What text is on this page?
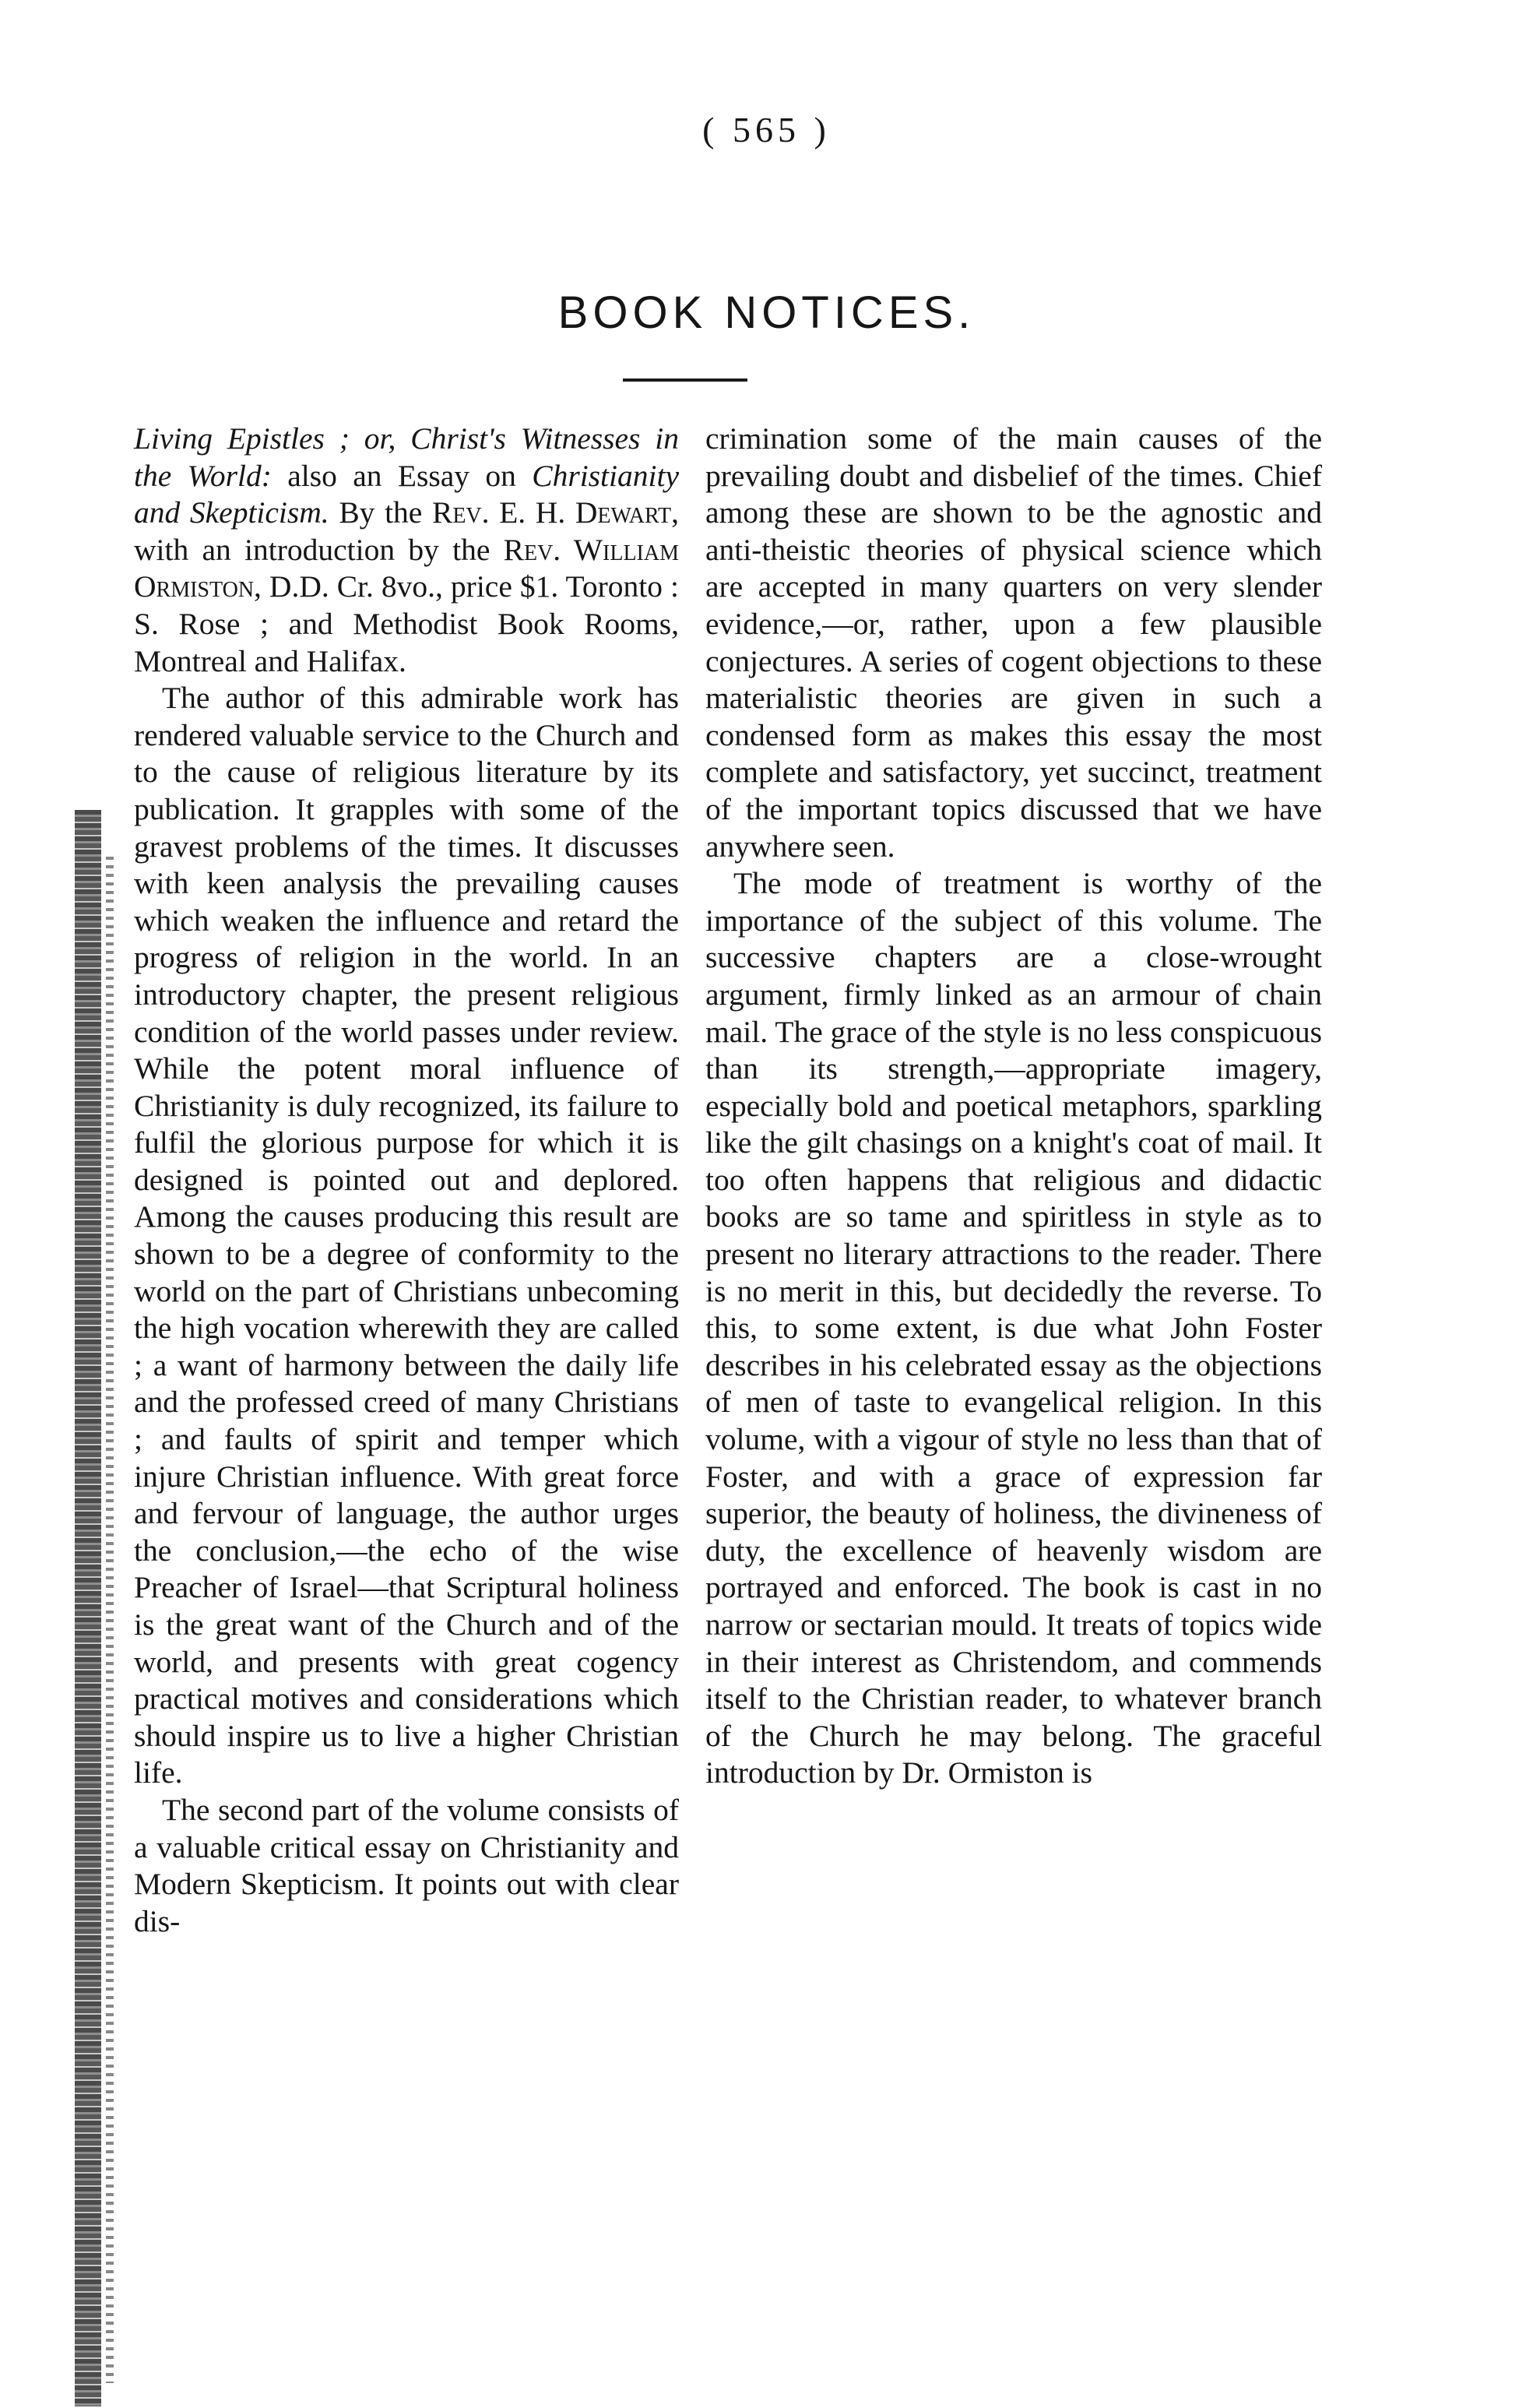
( 565 )
BOOK NOTICES.

Living Epistles ; or, Christ's Witnesses in the World: also an Essay on Christianity and Skepticism. By the Rev. E. H. Dewart, with an introduction by the Rev. William Ormiston, D.D. Cr. 8vo., price $1. Toronto : S. Rose ; and Methodist Book Rooms, Montreal and Halifax.

The author of this admirable work has rendered valuable service to the Church and to the cause of religious literature by its publication. It grapples with some of the gravest problems of the times. It discusses with keen analysis the prevailing causes which weaken the influence and retard the progress of religion in the world. In an introductory chapter, the present religious condition of the world passes under review. While the potent moral influence of Christianity is duly recognized, its failure to fulfil the glorious purpose for which it is designed is pointed out and deplored. Among the causes producing this result are shown to be a degree of conformity to the world on the part of Christians unbecoming the high vocation wherewith they are called ; a want of harmony between the daily life and the professed creed of many Christians ; and faults of spirit and temper which injure Christian influence. With great force and fervour of language, the author urges the conclusion,—the echo of the wise Preacher of Israel—that Scriptural holiness is the great want of the Church and of the world, and presents with great cogency practical motives and considerations which should inspire us to live a higher Christian life.

The second part of the volume consists of a valuable critical essay on Christianity and Modern Skepticism. It points out with clear dis-

crimination some of the main causes of the prevailing doubt and disbelief of the times. Chief among these are shown to be the agnostic and anti-theistic theories of physical science which are accepted in many quarters on very slender evidence,—or, rather, upon a few plausible conjectures. A series of cogent objections to these materialistic theories are given in such a condensed form as makes this essay the most complete and satisfactory, yet succinct, treatment of the important topics discussed that we have anywhere seen.

The mode of treatment is worthy of the importance of the subject of this volume. The successive chapters are a close-wrought argument, firmly linked as an armour of chain mail. The grace of the style is no less conspicuous than its strength,—appropriate imagery, especially bold and poetical metaphors, sparkling like the gilt chasings on a knight's coat of mail. It too often happens that religious and didactic books are so tame and spiritless in style as to present no literary attractions to the reader. There is no merit in this, but decidedly the reverse. To this, to some extent, is due what John Foster describes in his celebrated essay as the objections of men of taste to evangelical religion. In this volume, with a vigour of style no less than that of Foster, and with a grace of expression far superior, the beauty of holiness, the divineness of duty, the excellence of heavenly wisdom are portrayed and enforced. The book is cast in no narrow or sectarian mould. It treats of topics wide in their interest as Christendom, and commends itself to the Christian reader, to whatever branch of the Church he may belong. The graceful introduction by Dr. Ormiston is
